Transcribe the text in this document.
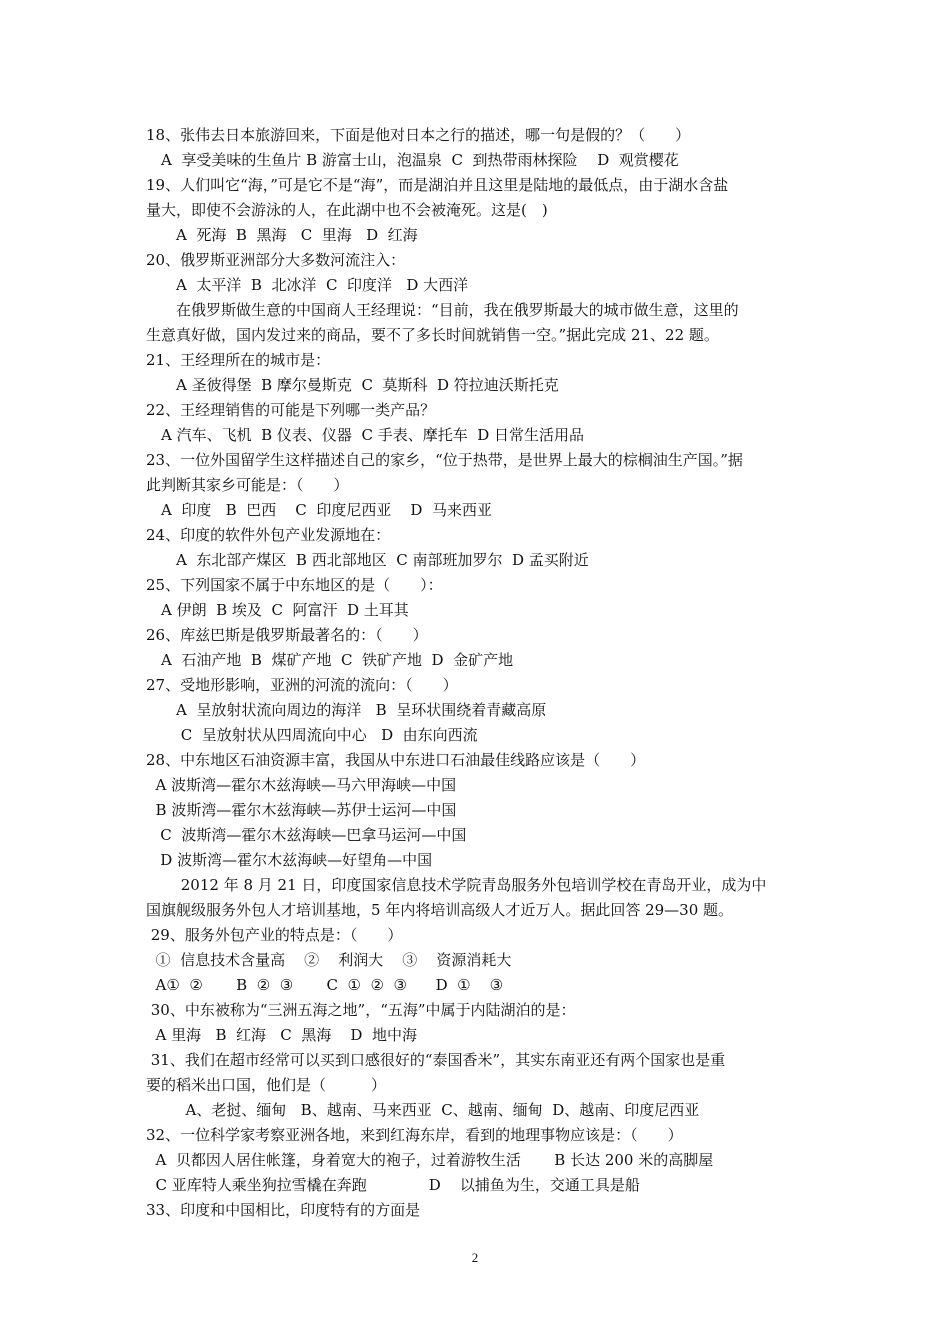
18、张伟去日本旅游回来，下面是他对日本之行的描述，哪一句是假的？（　　）
　A  享受美味的生鱼片 B 游富士山，泡温泉  C  到热带雨林探险　 D  观赏樱花
19、人们叫它“海，”可是它不是“海”，而是湖泊并且这里是陆地的最低点，由于湖水含盐
量大，即使不会游泳的人，在此湖中也不会被淹死。这是(　)
　　A  死海  B  黑海   C  里海   D  红海
20、俄罗斯亚洲部分大多数河流注入：
　　A  太平洋  B  北冰洋  C  印度洋   D 大西洋
　　在俄罗斯做生意的中国商人王经理说：“目前，我在俄罗斯最大的城市做生意，这里的
生意真好做，国内发过来的商品，要不了多长时间就销售一空。”据此完成 21、22 题。
21、王经理所在的城市是：
　　A 圣彼得堡  B 摩尔曼斯克  C  莫斯科  D 符拉迪沃斯托克
22、王经理销售的可能是下列哪一类产品？
　A 汽车、飞机  B 仪表、仪器  C 手表、摩托车  D 日常生活用品
23、一位外国留学生这样描述自己的家乡，“位于热带，是世界上最大的棕榈油生产国。”据
此判断其家乡可能是：（　　）
　A  印度   B  巴西    C  印度尼西亚    D  马来西亚
24、印度的软件外包产业发源地在：
　　A  东北部产煤区  B 西北部地区  C 南部班加罗尔  D 孟买附近
25、下列国家不属于中东地区的是（　　）：
　A 伊朗  B 埃及  C  阿富汗  D 土耳其
26、库兹巴斯是俄罗斯最著名的：（　　）
　A  石油产地  B  煤矿产地  C  铁矿产地  D  金矿产地
27、受地形影响，亚洲的河流的流向：（　　）
　　A  呈放射状流向周边的海洋   B  呈环状围绕着青藏高原
　　 C  呈放射状从四周流向中心   D  由东向西流
28、中东地区石油资源丰富，我国从中东进口石油最佳线路应该是（　　）
A 波斯湾—霍尔木兹海峡—马六甲海峡—中国
B 波斯湾—霍尔木兹海峡—苏伊士运河—中国
C  波斯湾—霍尔木兹海峡—巴拿马运河—中国
D 波斯湾—霍尔木兹海峡—好望角—中国
　　 2012 年 8 月 21 日，印度国家信息技术学院青岛服务外包培训学校在青岛开业，成为中
国旗舰级服务外包人才培训基地，5 年内将培训高级人才近万人。据此回答 29—30 题。
29、服务外包产业的特点是：（　　）
①  信息技术含量高    ②    利润大    ③    资源消耗大
A①  ②       B  ②  ③       C  ①  ②  ③      D  ①    ③
30、中东被称为“三洲五海之地”，“五海”中属于内陆湖泊的是：
A 里海   B  红海   C  黑海    D  地中海
31、我们在超市经常可以买到口感很好的“泰国香米”，其实东南亚还有两个国家也是重
要的稻米出口国，他们是（　　　）
　　  A、老挝、缅甸   B、越南、马来西亚  C、越南、缅甸  D、越南、印度尼西亚
32、一位科学家考察亚洲各地，来到红海东岸，看到的地理事物应该是：（　　）
A  贝都因人居住帐篷，身着宽大的袍子，过着游牧生活       B 长达 200 米的高脚屋
C 亚库特人乘坐狗拉雪橇在奔跑             D    以捕鱼为生，交通工具是船
33、印度和中国相比，印度特有的方面是
2
